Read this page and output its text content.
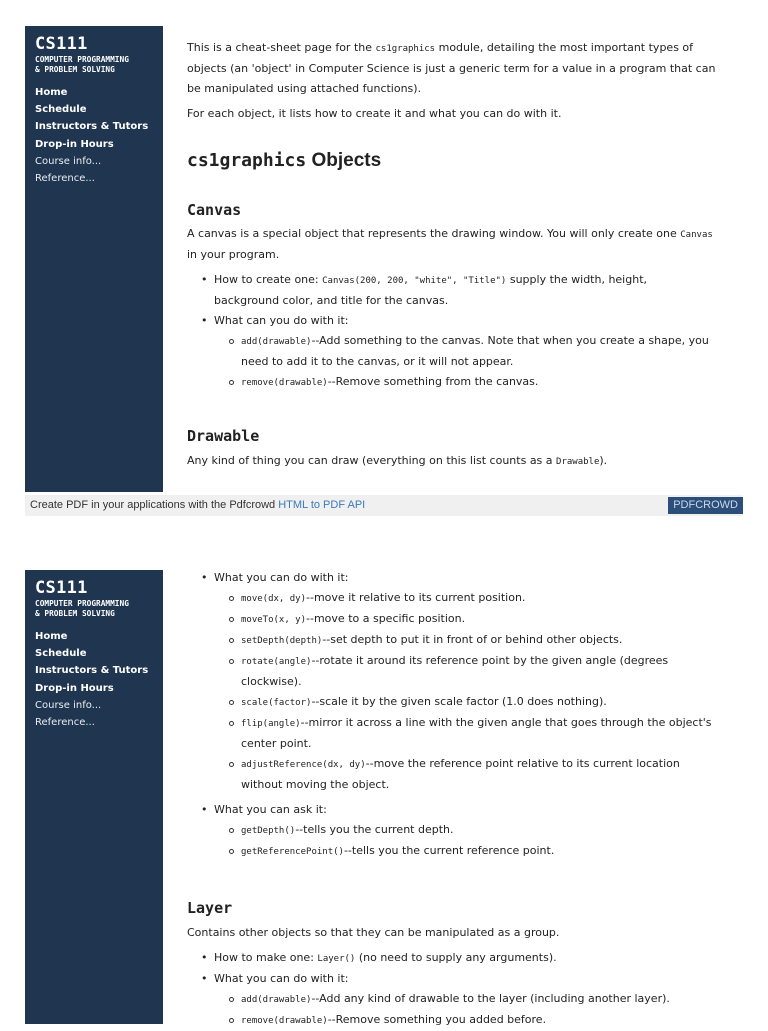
CS111
COMPUTER PROGRAMMING
& PROBLEM SOLVING
Home
Schedule
Instructors & Tutors
Drop-in Hours
Course info...
Reference...

This is a cheat-sheet page for the cs1graphics module, detailing the most important types of
objects (an 'object' in Computer Science is just a generic term for a value in a program that can
be manipulated using attached functions).

For each object, it lists how to create it and what you can do with it.

cs1graphics Objects
Canvas

A canvas is a special object that represents the drawing window. You will only create one Canvas
in your program.

• How to create one: Canvas(200, 200, "white", "Title") supply the width, height,
background color, and title for the canvas.
• What can you do with it:
add(drawable)--Add something to the canvas. Note that when you create a shape, you
need to add it to the canvas, or it will not appear.
remove(drawable)--Remove something from the canvas.
Drawable

Any kind of thing you can draw (everything on this list counts as a Drawable).

Create PDF in your applications with the Pdfcrowd HTML to PDF API	PDFCROWD
CS111
COMPUTER PROGRAMMING
& PROBLEM SOLVING
Home
Schedule
Instructors & Tutors
Drop-in Hours
Course info...
Reference...
• What you can do with it:
move(dx, dy)--move it relative to its current position.
moveTo(x, y)--move to a specific position.
setDepth(depth)--set depth to put it in front of or behind other objects.
rotate(angle)--rotate it around its reference point by the given angle (degrees
clockwise).
scale(factor)--scale it by the given scale factor (1.0 does nothing).
flip(angle)--mirror it across a line with the given angle that goes through the object's
center point.
adjustReference(dx, dy)--move the reference point relative to its current location
without moving the object.
• What you can ask it:
getDepth()--tells you the current depth.
getReferencePoint()--tells you the current reference point.
Layer

Contains other objects so that they can be manipulated as a group.

• How to make one: Layer() (no need to supply any arguments).
• What you can do with it:
add(drawable)--Add any kind of drawable to the layer (including another layer).
remove(drawable)--Remove something you added before.
